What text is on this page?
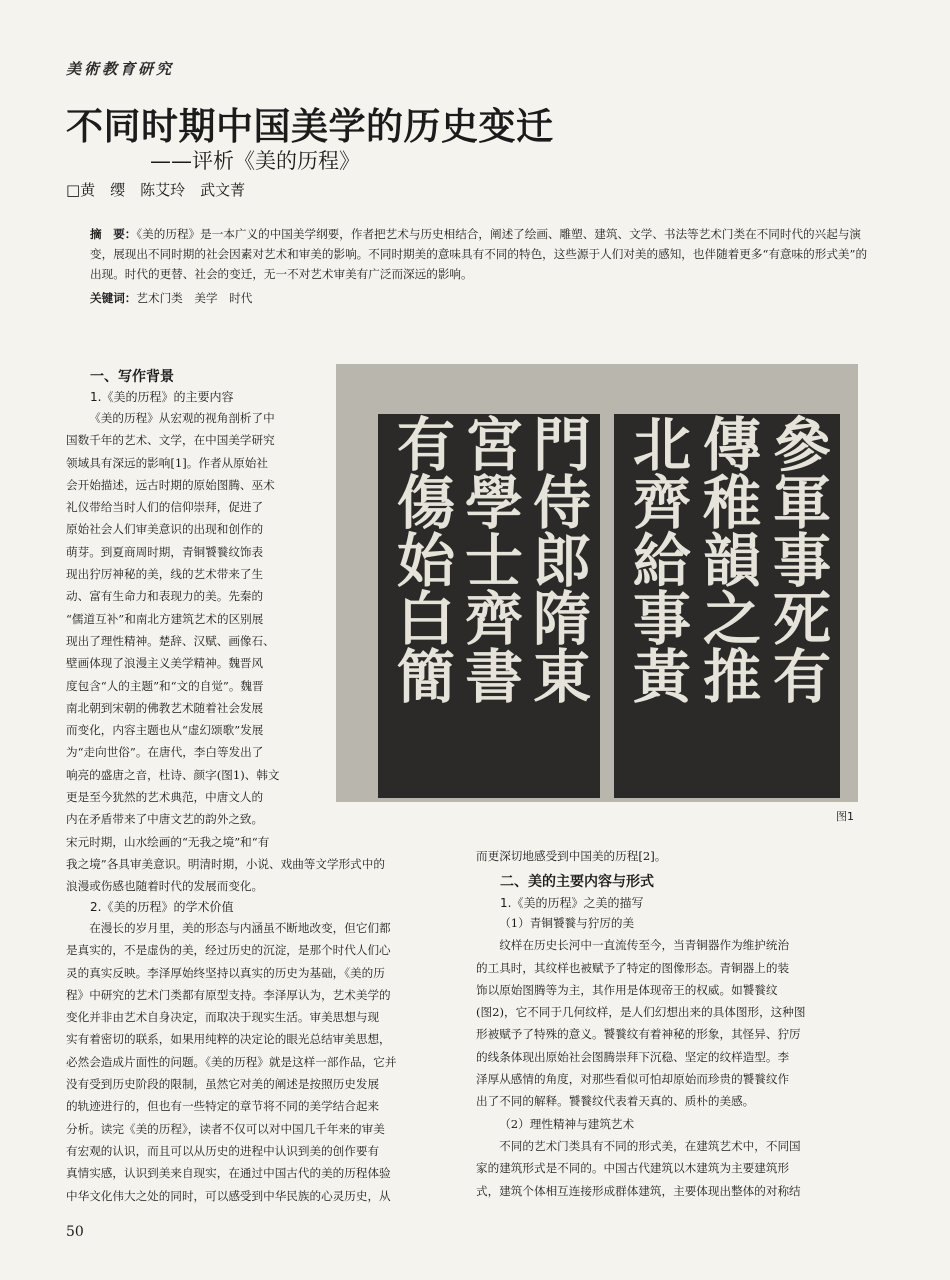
美術教育研究
不同时期中国美学的历史变迁
——评析《美的历程》
□黄　缨　陈艾玲　武文菁
摘　要：《美的历程》是一本广义的中国美学纲要，作者把艺术与历史相结合，阐述了绘画、雕塑、建筑、文学、书法等艺术门类在不同时代的兴起与演变，展现出不同时期的社会因素对艺术和审美的影响。不同时期美的意味具有不同的特色，这些源于人们对美的感知，也伴随着更多“有意味的形式美”的出现。时代的更替、社会的变迁，无一不对艺术审美有广泛而深远的影响。
关键词：艺术门类　美学　时代
一、写作背景
1.《美的历程》的主要内容
《美的历程》从宏观的视角剖析了中
国数千年的艺术、文学，在中国美学研究
领域具有深远的影响[1]。作者从原始社
会开始描述，远古时期的原始图腾、巫术
礼仪带给当时人们的信仰崇拜，促进了
原始社会人们审美意识的出现和创作的
萌芽。到夏商周时期，青铜饕餮纹饰表
现出狞厉神秘的美，线的艺术带来了生
动、富有生命力和表现力的美。先秦的
“儒道互补”和南北方建筑艺术的区别展
现出了理性精神。楚辞、汉赋、画像石、
壁画体现了浪漫主义美学精神。魏晋风
度包含“人的主题”和“文的自觉”。魏晋
南北朝到宋朝的佛教艺术随着社会发展
而变化，内容主题也从“虚幻颂歌”发展
为“走向世俗”。在唐代，李白等发出了
响亮的盛唐之音，杜诗、颜字(图1)、韩文
更是至今犹然的艺术典范，中唐文人的
内在矛盾带来了中唐文艺的韵外之致。
宋元时期，山水绘画的“无我之境”和“有
我之境”各具审美意识。明清时期，小说、戏曲等文学形式中的
浪漫或伤感也随着时代的发展而变化。
2.《美的历程》的学术价值
在漫长的岁月里，美的形态与内涵虽不断地改变，但它们都
是真实的，不是虚伪的美，经过历史的沉淀，是那个时代人们心
灵的真实反映。李泽厚始终坚持以真实的历史为基础，《美的历
程》中研究的艺术门类都有原型支持。李泽厚认为，艺术美学的
变化并非由艺术自身决定，而取决于现实生活。审美思想与现
实有着密切的联系，如果用纯粹的决定论的眼光总结审美思想，
必然会造成片面性的问题。《美的历程》就是这样一部作品，它并
没有受到历史阶段的限制，虽然它对美的阐述是按照历史发展
的轨迹进行的，但也有一些特定的章节将不同的美学结合起来
分析。读完《美的历程》，读者不仅可以对中国几千年来的审美
有宏观的认识，而且可以从历史的进程中认识到美的创作要有
真情实感，认识到美来自现实，在通过中国古代的美的历程体验
中华文化伟大之处的同时，可以感受到中华民族的心灵历史，从
門侍郎隋東
宮學士齊書
有傷始白簡	參軍事死有
傳稚韻之推
北齊給事黃
图1
而更深切地感受到中国美的历程[2]。
二、美的主要内容与形式
1.《美的历程》之美的描写
（1）青铜饕餮与狞厉的美
纹样在历史长河中一直流传至今，当青铜器作为维护统治
的工具时，其纹样也被赋予了特定的图像形态。青铜器上的装
饰以原始图腾等为主，其作用是体现帝王的权威。如饕餮纹
(图2)，它不同于几何纹样，是人们幻想出来的具体图形，这种图
形被赋予了特殊的意义。饕餮纹有着神秘的形象，其怪异、狞厉
的线条体现出原始社会图腾崇拜下沉稳、坚定的纹样造型。李
泽厚从感情的角度，对那些看似可怕却原始而珍贵的饕餮纹作
出了不同的解释。饕餮纹代表着天真的、质朴的美感。
（2）理性精神与建筑艺术
不同的艺术门类具有不同的形式美，在建筑艺术中，不同国
家的建筑形式是不同的。中国古代建筑以木建筑为主要建筑形
式，建筑个体相互连接形成群体建筑，主要体现出整体的对称结
50
